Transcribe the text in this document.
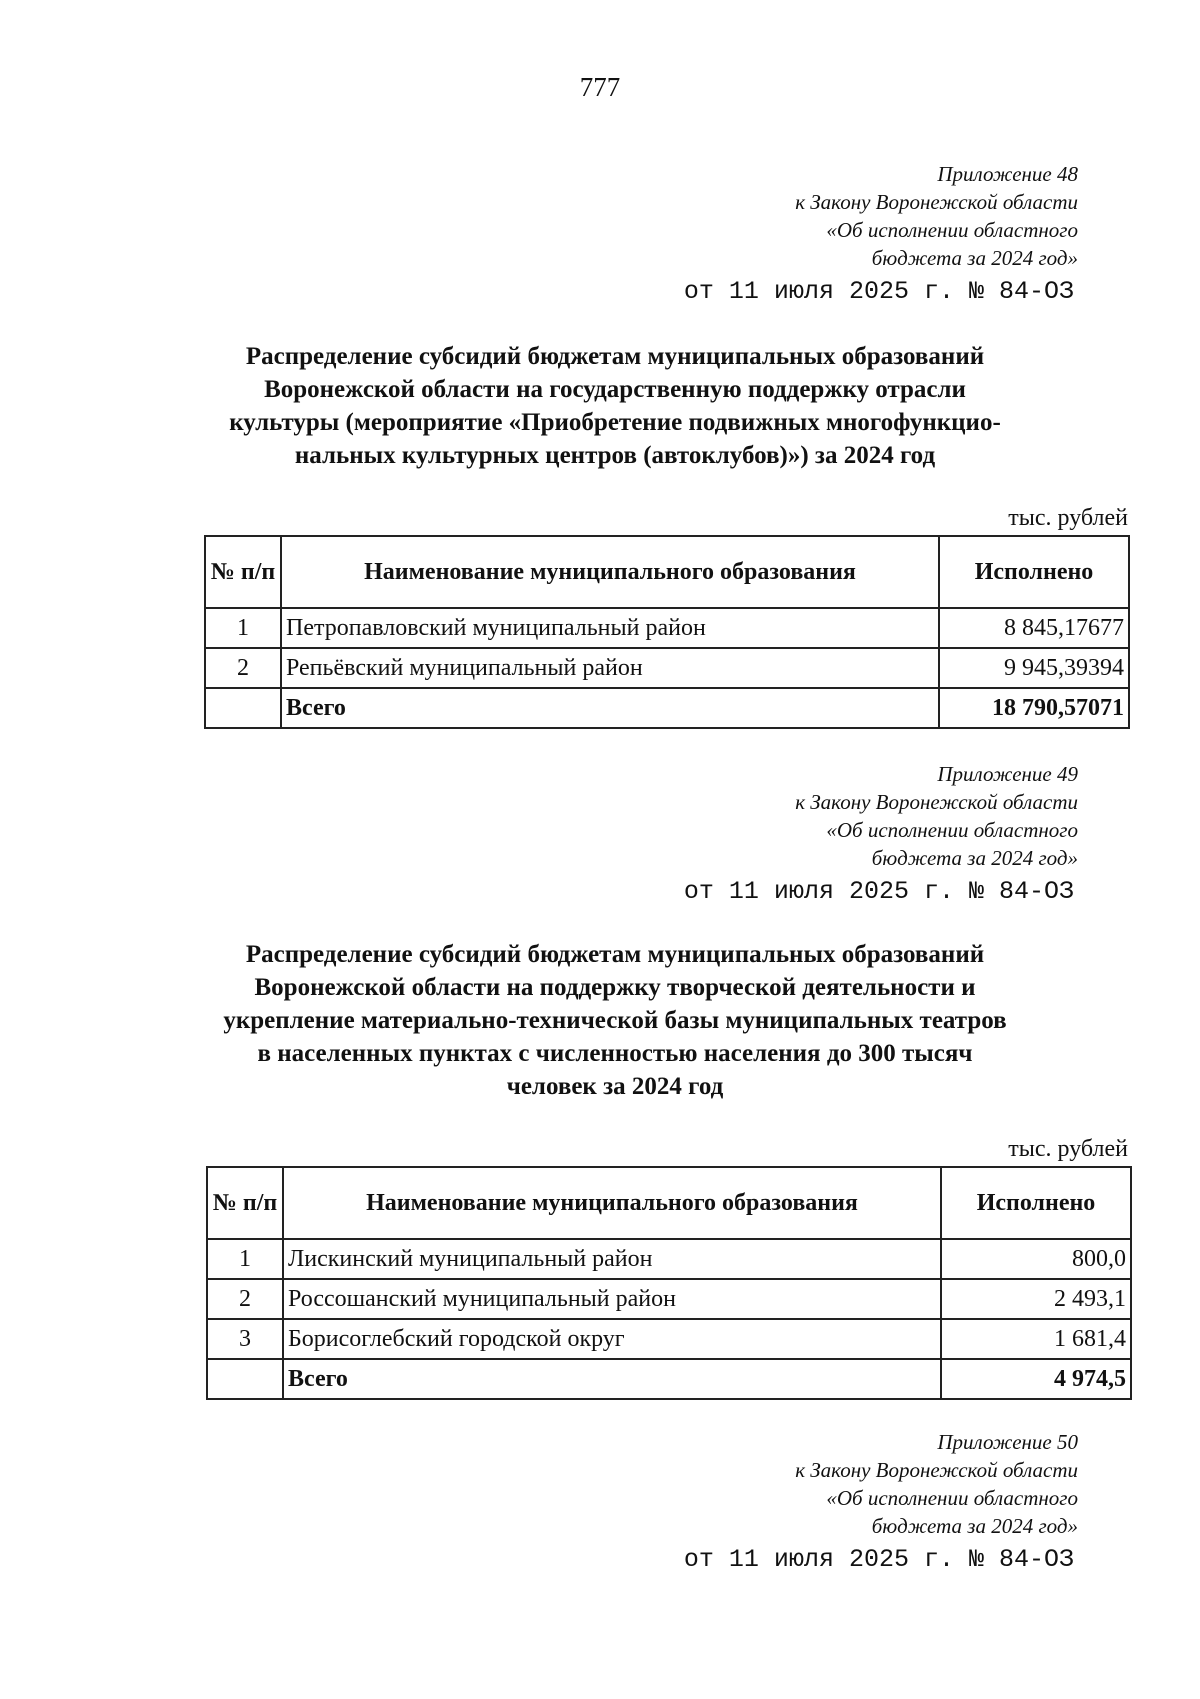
777
Приложение 48
к Закону Воронежской области
«Об исполнении областного
бюджета за 2024 год»
от 11 июля 2025 г. № 84-ОЗ
Распределение субсидий бюджетам муниципальных образований
Воронежской области на государственную поддержку отрасли
культуры (мероприятие «Приобретение подвижных многофункцио-
нальных культурных центров (автоклубов)») за 2024 год
тыс. рублей
№ п/п	Наименование муниципального образования	Исполнено
1	Петропавловский муниципальный район	8 845,17677
2	Репьёвский муниципальный район	9 945,39394
	Всего	18 790,57071
Приложение 49
к Закону Воронежской области
«Об исполнении областного
бюджета за 2024 год»
от 11 июля 2025 г. № 84-ОЗ
Распределение субсидий бюджетам муниципальных образований
Воронежской области на поддержку творческой деятельности и
укрепление материально-технической базы муниципальных театров
в населенных пунктах с численностью населения до 300 тысяч
человек за 2024 год
тыс. рублей
№ п/п	Наименование муниципального образования	Исполнено
1	Лискинский муниципальный район	800,0
2	Россошанский муниципальный район	2 493,1
3	Борисоглебский городской округ	1 681,4
	Всего	4 974,5
Приложение 50
к Закону Воронежской области
«Об исполнении областного
бюджета за 2024 год»
от 11 июля 2025 г. № 84-ОЗ
